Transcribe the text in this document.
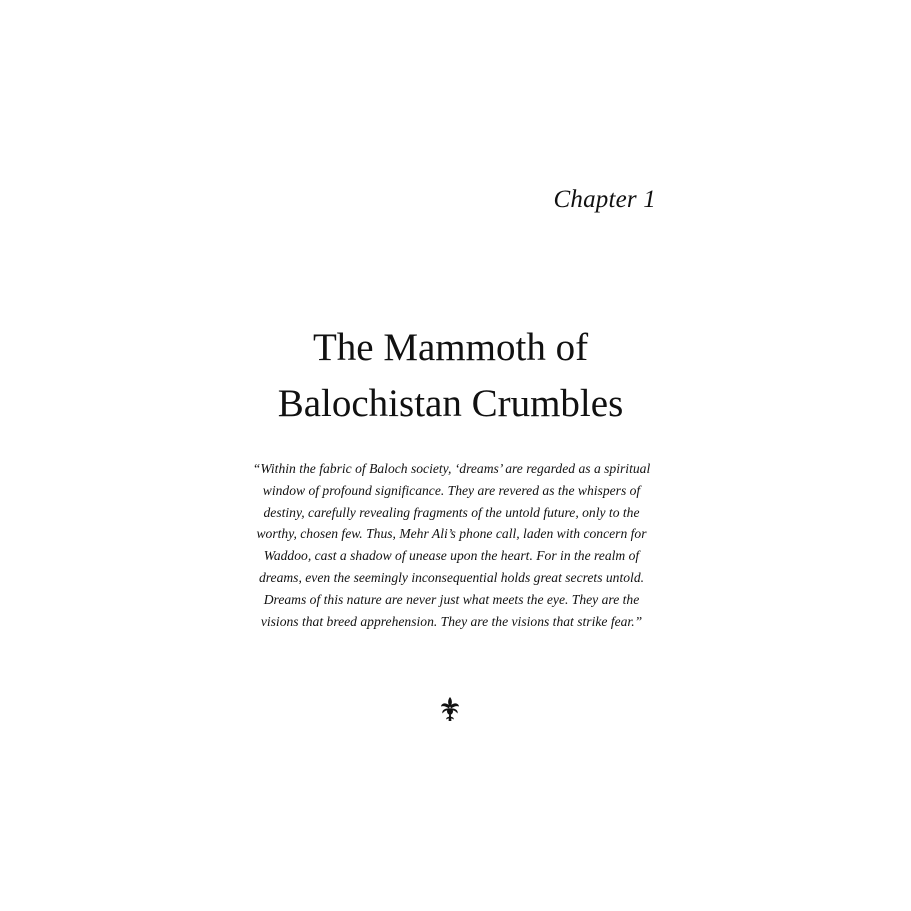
Chapter 1
The Mammoth of
Balochistan Crumbles

“Within the fabric of Baloch society, ‘dreams’ are regarded as a spiritual window of profound significance. They are revered as the whispers of destiny, carefully revealing fragments of the untold future, only to the worthy, chosen few. Thus, Mehr Ali’s phone call, laden with concern for Waddoo, cast a shadow of unease upon the heart. For in the realm of dreams, even the seemingly inconsequential holds great secrets untold. Dreams of this nature are never just what meets the eye. They are the visions that breed apprehension. They are the visions that strike fear.”
